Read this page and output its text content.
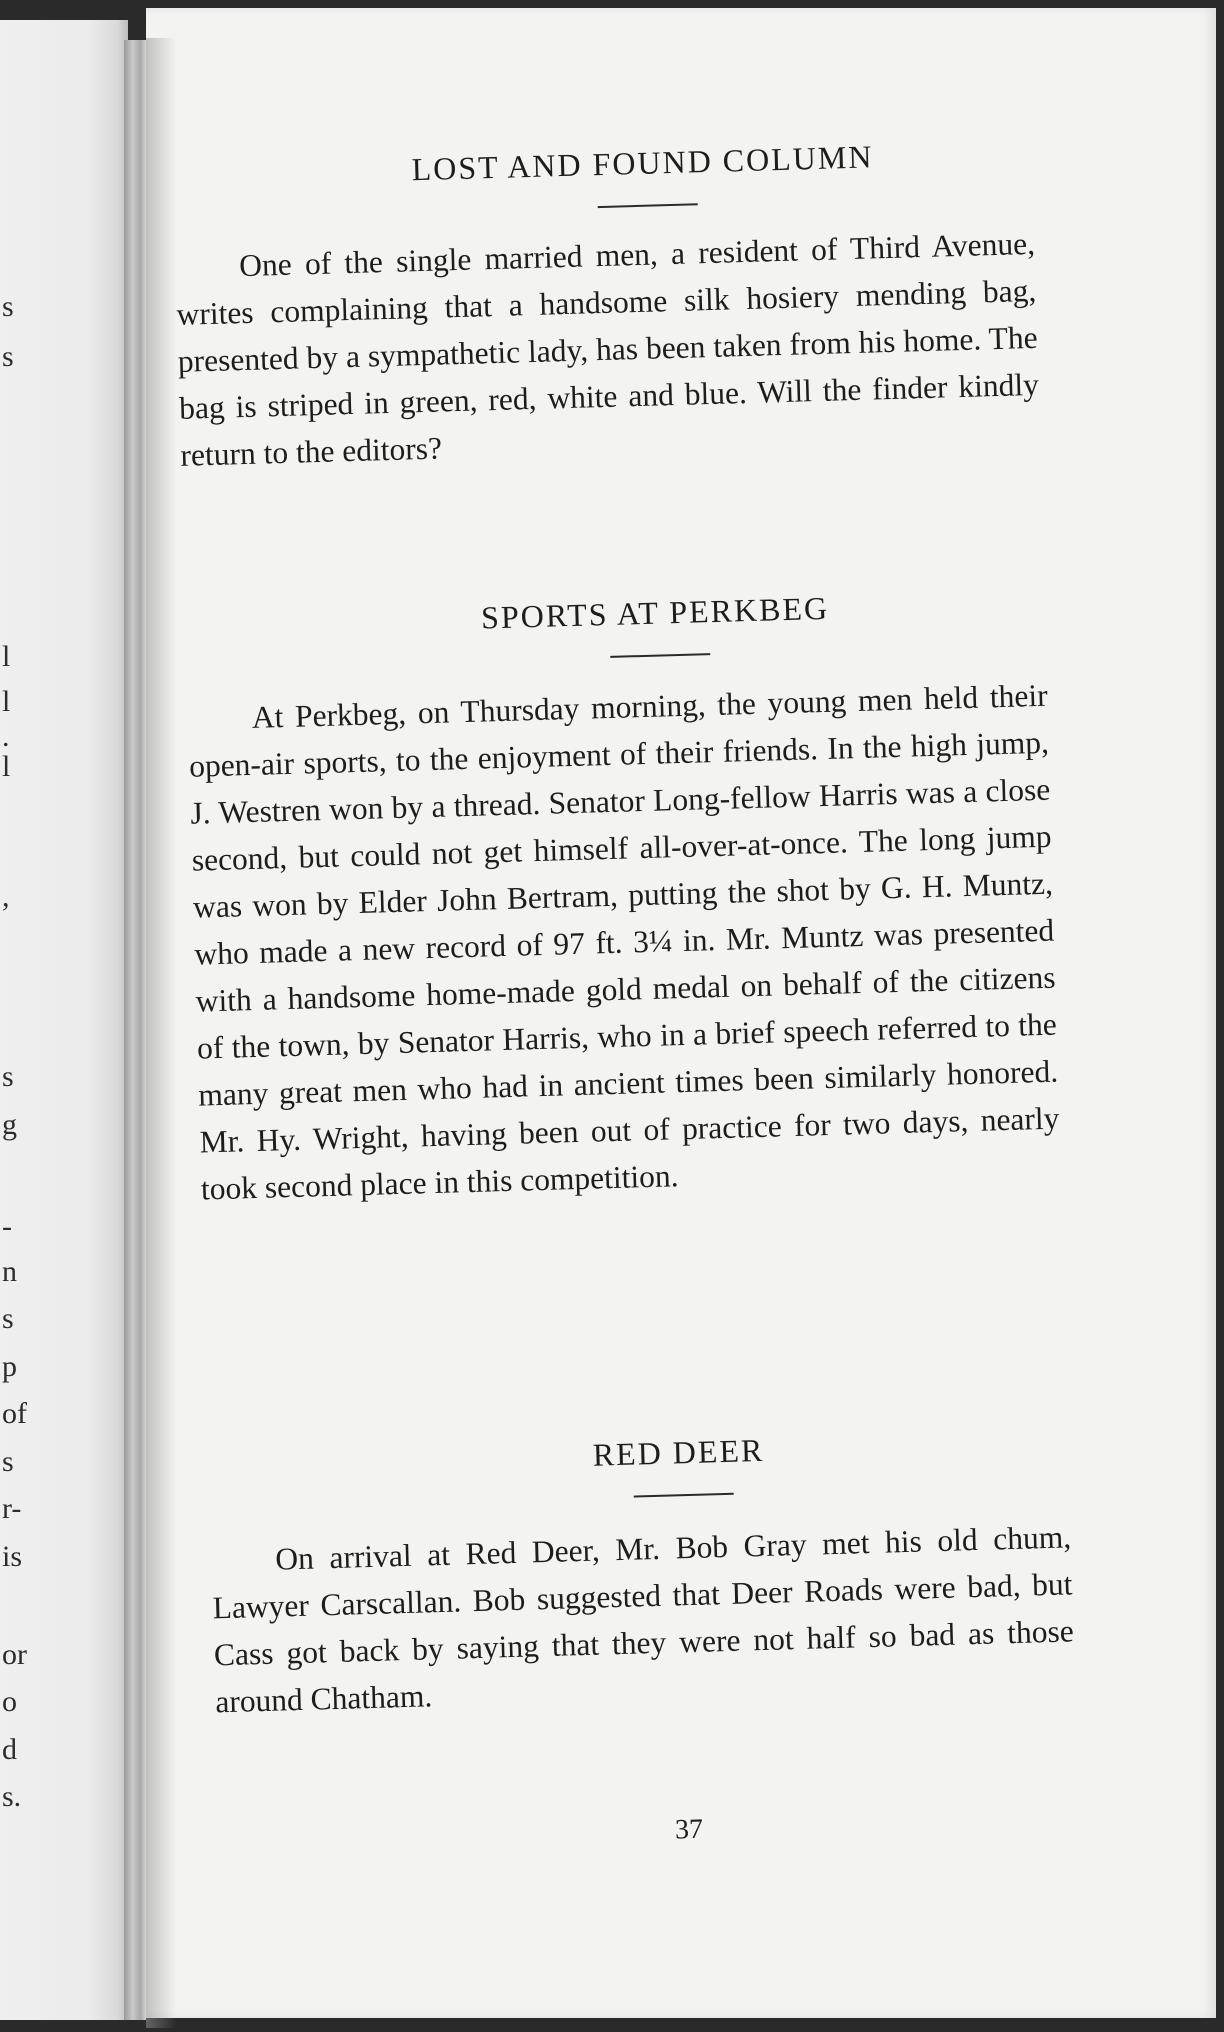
s
s
l
l
.
l
,
s
g
-
n
s
p
of
s
r-
is
or
o
d
s.
LOST AND FOUND COLUMN

One of the single married men, a resident of Third Avenue, writes complaining that a handsome silk hosiery mending bag, presented by a sympathetic lady, has been taken from his home. The bag is striped in green, red, white and blue. Will the finder kindly return to the editors?

SPORTS AT PERKBEG

At Perkbeg, on Thursday morning, the young men held their open-air sports, to the enjoyment of their friends. In the high jump, J. Westren won by a thread. Senator Long-fellow Harris was a close second, but could not get himself all-over-at-once. The long jump was won by Elder John Bertram, putting the shot by G. H. Muntz, who made a new record of 97 ft. 3¼ in. Mr. Muntz was presented with a handsome home-made gold medal on behalf of the citizens of the town, by Senator Harris, who in a brief speech referred to the many great men who had in ancient times been similarly honored. Mr. Hy. Wright, having been out of practice for two days, nearly took second place in this competition.

RED DEER

On arrival at Red Deer, Mr. Bob Gray met his old chum, Lawyer Carscallan. Bob suggested that Deer Roads were bad, but Cass got back by saying that they were not half so bad as those around Chatham.

37
